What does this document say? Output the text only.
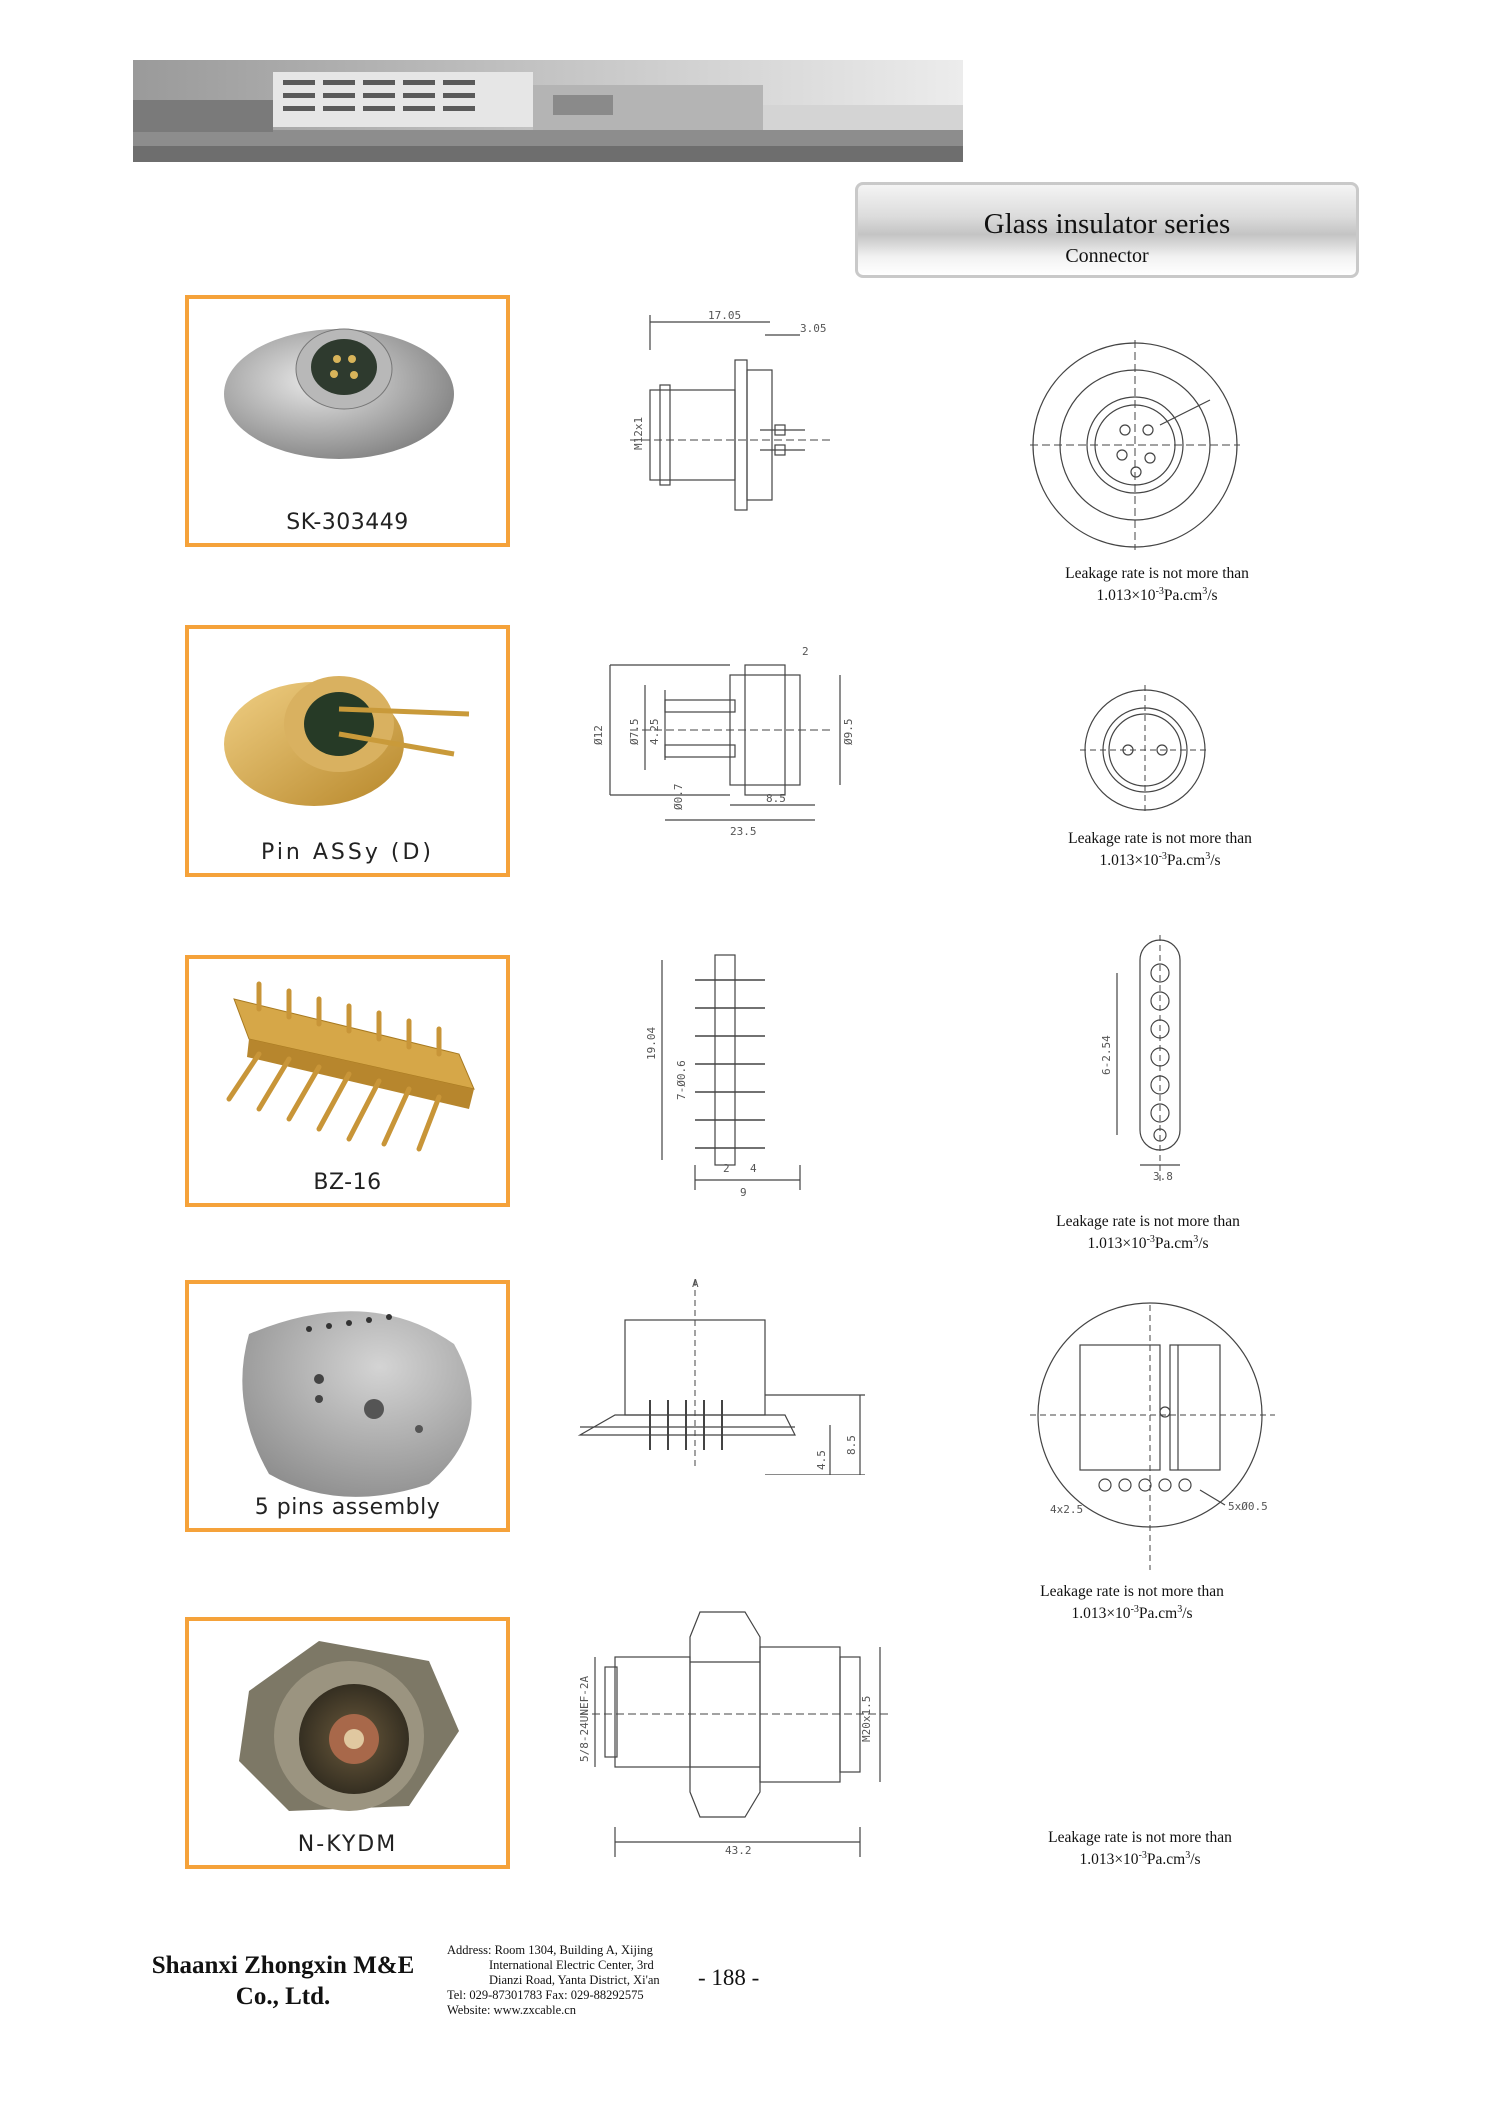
Glass insulator series
Connector
SK-303449
17.05
3.05
M12x1
Leakage rate is not more than
$1.013\times 10^{-3}Pa.cm^3/s$
Pin ASSy (D)
2
Ø12 Ø7.5 4.25	Ø9.5
Ø0.7	8.5
23.5	Leakage rate is not more than
$1.013\times 10^{-3}Pa.cm^3/s$
BZ-16
19.04
7-Ø0.6
2 4
9
6-2.54
3.8
Leakage rate is not more than
$1.013\times 10^{-3}Pa.cm^3/s$
5 pins assembly
A
4.5
8.5
4x2.5	5xØ0.5
Leakage rate is not more than
$1.013\times 10^{-3}Pa.cm^3/s$
N-KYDM
5/8-24UNEF-2A	M20x1.5
43.2
Leakage rate is not more than
$1.013\times 10^{-3}Pa.cm^3/s$
Shaanxi Zhongxin M&E
Co., Ltd.
Address: Room 1304, Building A, Xijing
International Electric Center, 3rd
Dianzi Road, Yanta District, Xi'an
Tel: 029-87301783 Fax: 029-88292575
Website: www.zxcable.cn
- 188 -
